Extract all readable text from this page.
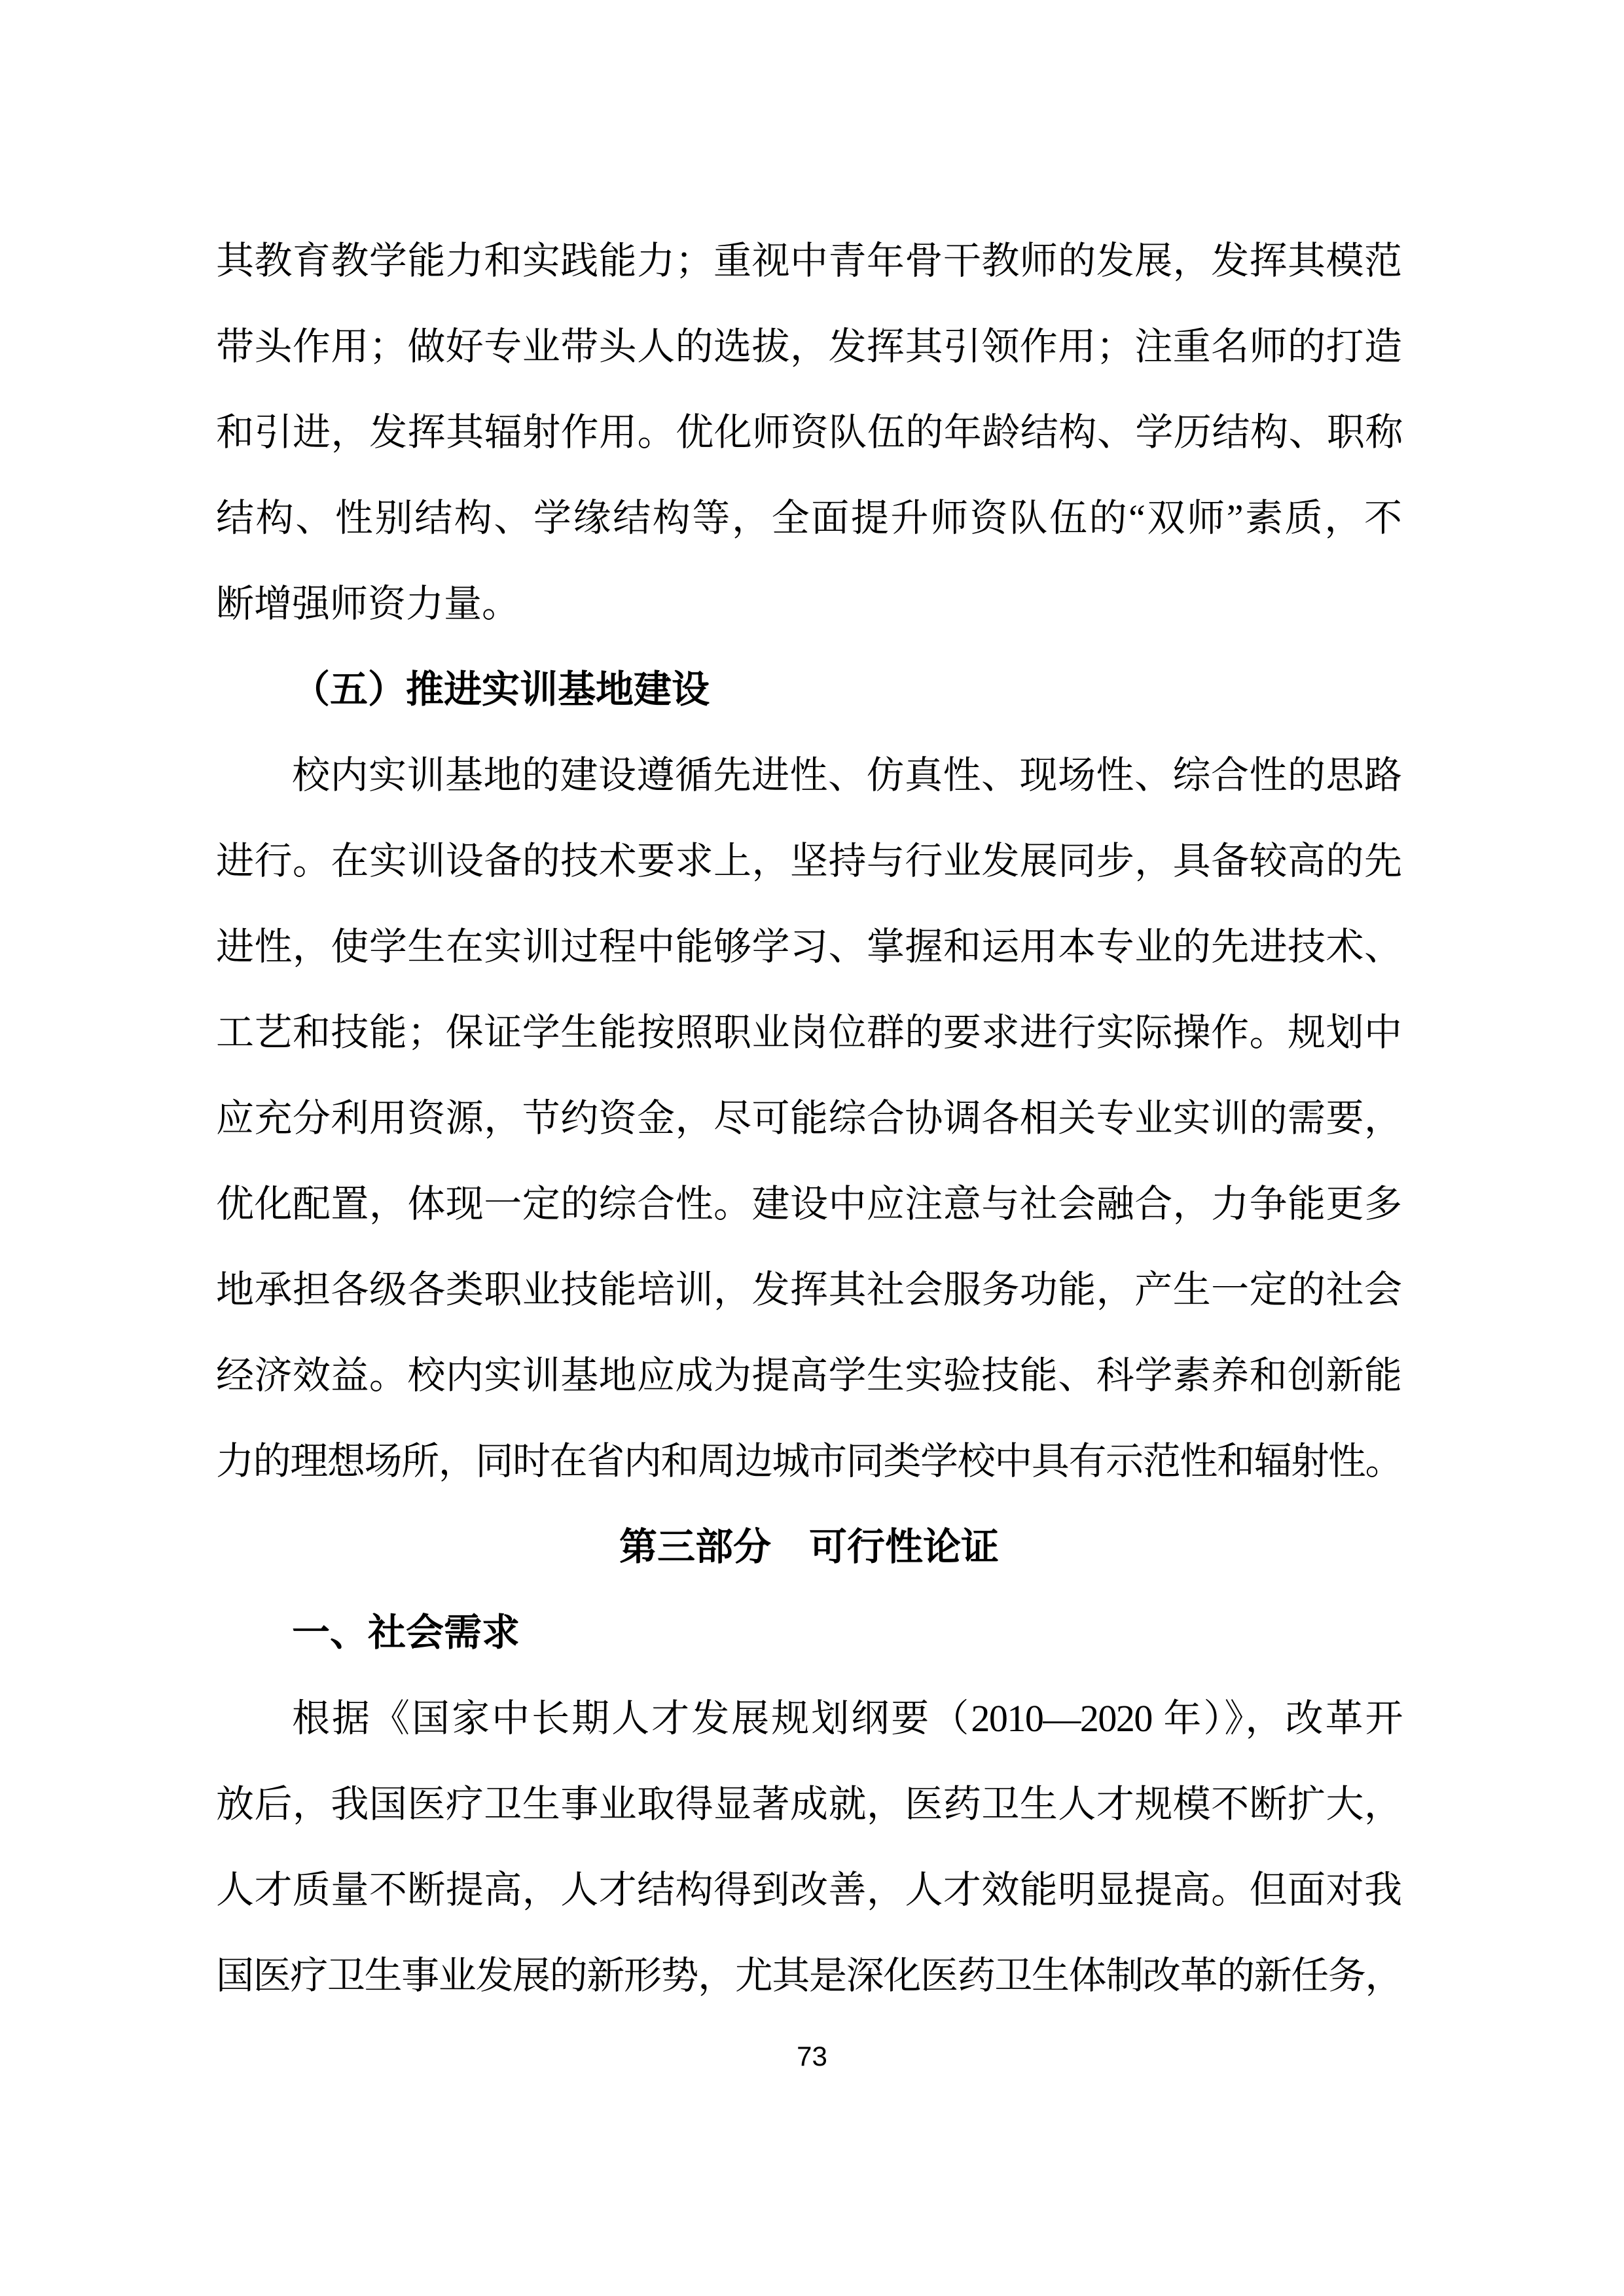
其教育教学能力和实践能力；重视中青年骨干教师的发展，发挥其模范
带头作用；做好专业带头人的选拔，发挥其引领作用；注重名师的打造
和引进，发挥其辐射作用。优化师资队伍的年龄结构、学历结构、职称
结构、性别结构、学缘结构等，全面提升师资队伍的“双师”素质，不
断增强师资力量。
（五）推进实训基地建设
校内实训基地的建设遵循先进性、仿真性、现场性、综合性的思路
进行。在实训设备的技术要求上，坚持与行业发展同步，具备较高的先
进性，使学生在实训过程中能够学习、掌握和运用本专业的先进技术、
工艺和技能；保证学生能按照职业岗位群的要求进行实际操作。规划中
应充分利用资源，节约资金，尽可能综合协调各相关专业实训的需要，
优化配置，体现一定的综合性。建设中应注意与社会融合，力争能更多
地承担各级各类职业技能培训，发挥其社会服务功能，产生一定的社会
经济效益。校内实训基地应成为提高学生实验技能、科学素养和创新能
力的理想场所，同时在省内和周边城市同类学校中具有示范性和辐射性。
第三部分　可行性论证
一、社会需求
根据《国家中长期人才发展规划纲要（2010—2020 年）》，改革开
放后，我国医疗卫生事业取得显著成就，医药卫生人才规模不断扩大，
人才质量不断提高，人才结构得到改善，人才效能明显提高。但面对我
国医疗卫生事业发展的新形势，尤其是深化医药卫生体制改革的新任务，
73
